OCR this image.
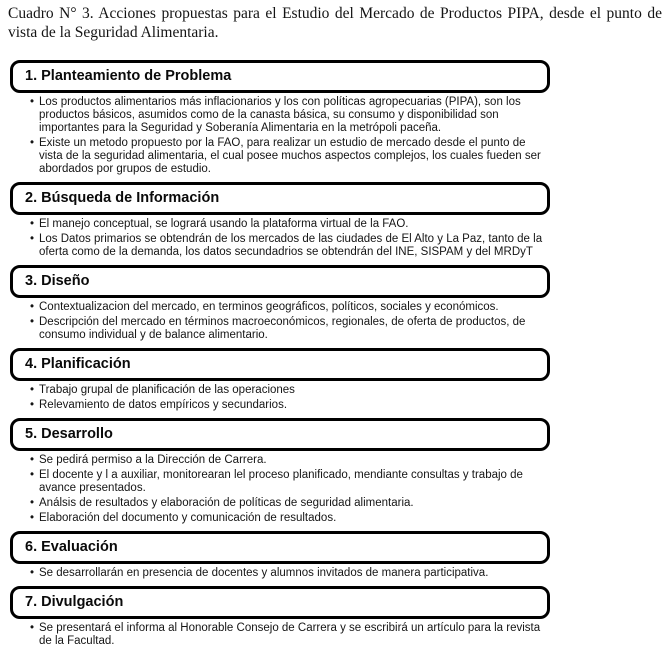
Cuadro N° 3. Acciones propuestas para el Estudio del Mercado de Productos PIPA, desde el punto de vista de la Seguridad Alimentaria.

1. Planteamiento de Problema
• Los productos alimentarios más inflacionarios y los con políticas agropecuarias (PIPA), son los productos básicos, asumidos como de la canasta básica, su consumo y disponibilidad son importantes para la Seguridad y Soberanía Alimentaria en la metrópoli paceña.
• Existe un metodo propuesto por la FAO, para realizar un estudio de mercado desde el punto de vista de la seguridad alimentaria, el cual posee muchos aspectos complejos, los cuales fueden ser abordados por grupos de estudio.
2. Búsqueda de Información
• El manejo conceptual, se logrará usando la plataforma virtual de la FAO.
• Los Datos primarios se obtendrán de los mercados de las ciudades de El Alto y La Paz, tanto de la oferta como de la demanda, los datos secundadrios se obtendrán del INE, SISPAM y del MRDyT
3. Diseño
• Contextualizacion del mercado, en terminos geográficos, políticos, sociales y económicos.
• Descripción del mercado en términos macroeconómicos, regionales, de oferta de productos, de consumo individual y de balance alimentario.
4. Planificación
• Trabajo grupal de planificación de las operaciones
• Relevamiento de datos empíricos y secundarios.
5. Desarrollo
• Se pedirá permiso a la Dirección de Carrera.
• El docente y l a auxiliar, monitorearan lel proceso planificado, mendiante consultas y trabajo de avance presentados.
• Análsis de resultados y elaboración de políticas de seguridad alimentaria.
• Elaboración del documento y comunicación de resultados.
6. Evaluación
• Se desarrollarán en presencia de docentes y alumnos invitados de manera participativa.
7. Divulgación
• Se presentará el informa al Honorable Consejo de Carrera y se escribirá un artículo para la revista de la Facultad.
